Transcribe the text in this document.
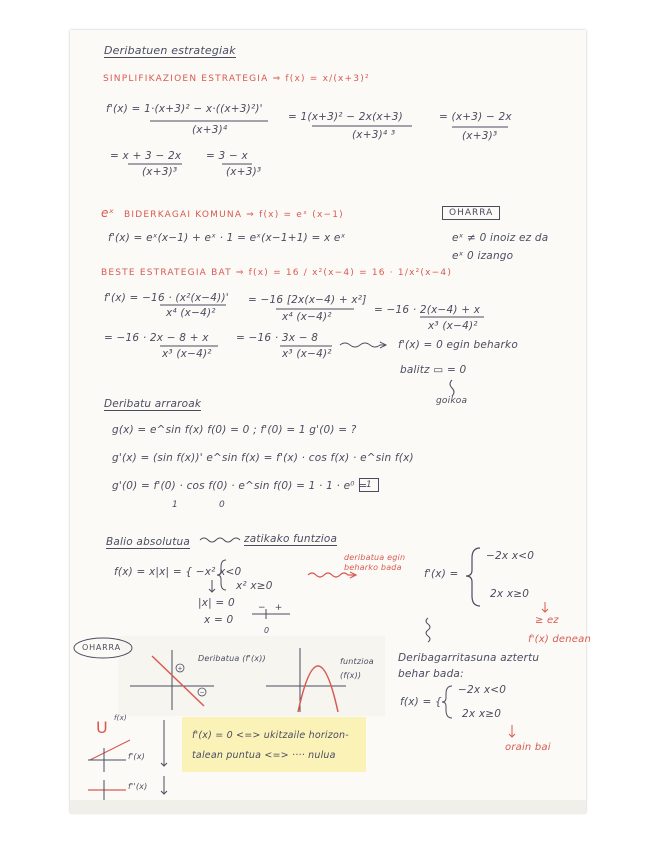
Deribatuen estrategiak
SINPLIFIKAZIOEN ESTRATEGIA ⇒ f(x) = x/(x+3)²
f'(x) = 1·(x+3)² − x·((x+3)²)'
(x+3)⁴
= 1(x+3)² − 2x(x+3)
(x+3)⁴ ³
= (x+3) − 2x
(x+3)³
= x + 3 − 2x
(x+3)³
= 3 − x
(x+3)³
eˣ BIDERKAGAI KOMUNA ⇒ f(x) = eˣ (x−1)
f'(x) = eˣ(x−1) + eˣ · 1 = eˣ(x−1+1) = x eˣ
OHARRA
eˣ ≠ 0 inoiz ez da
eˣ 0 izango
BESTE ESTRATEGIA BAT ⇒ f(x) = 16 / x²(x−4) = 16 · 1/x²(x−4)
f'(x) = −16 · (x²(x−4))'
x⁴ (x−4)²
= −16 [2x(x−4) + x²]
x⁴ (x−4)²
= −16 · 2(x−4) + x
x³ (x−4)²
= −16 · 2x − 8 + x
x³ (x−4)²
= −16 · 3x − 8
x³ (x−4)²
f'(x) = 0 egin beharko
balitz ▭ = 0
goikoa
Deribatu arraroak
g(x) = e^sin f(x) f(0) = 0 ; f'(0) = 1 g'(0) = ?
g'(x) = (sin f(x))' e^sin f(x) = f'(x) · cos f(x) · e^sin f(x)
g'(0) = f'(0) · cos f(0) · e^sin f(0) = 1 · 1 · e⁰ =
1
1 0
Balio absolutua	zatikako funtzioa
f(x) = x|x| = { −x² x<0
x² x≥0
deribatua egin beharko bada
f'(x) =
−2x x<0
2x x≥0
≥ ez
f'(x) denean
|x| = 0
x = 0
− +
0
OHARRA
Deribatua (f'(x))	funtzioa (f(x))
Deribagarritasuna aztertu
behar bada:
f(x) = {
−2x x<0
2x x≥0
orain bai
U f(x)
f'(x)
f''(x)
f'(x) = 0 <=> ukitzaile horizon-
talean puntua <=> ···· nulua
+
−
